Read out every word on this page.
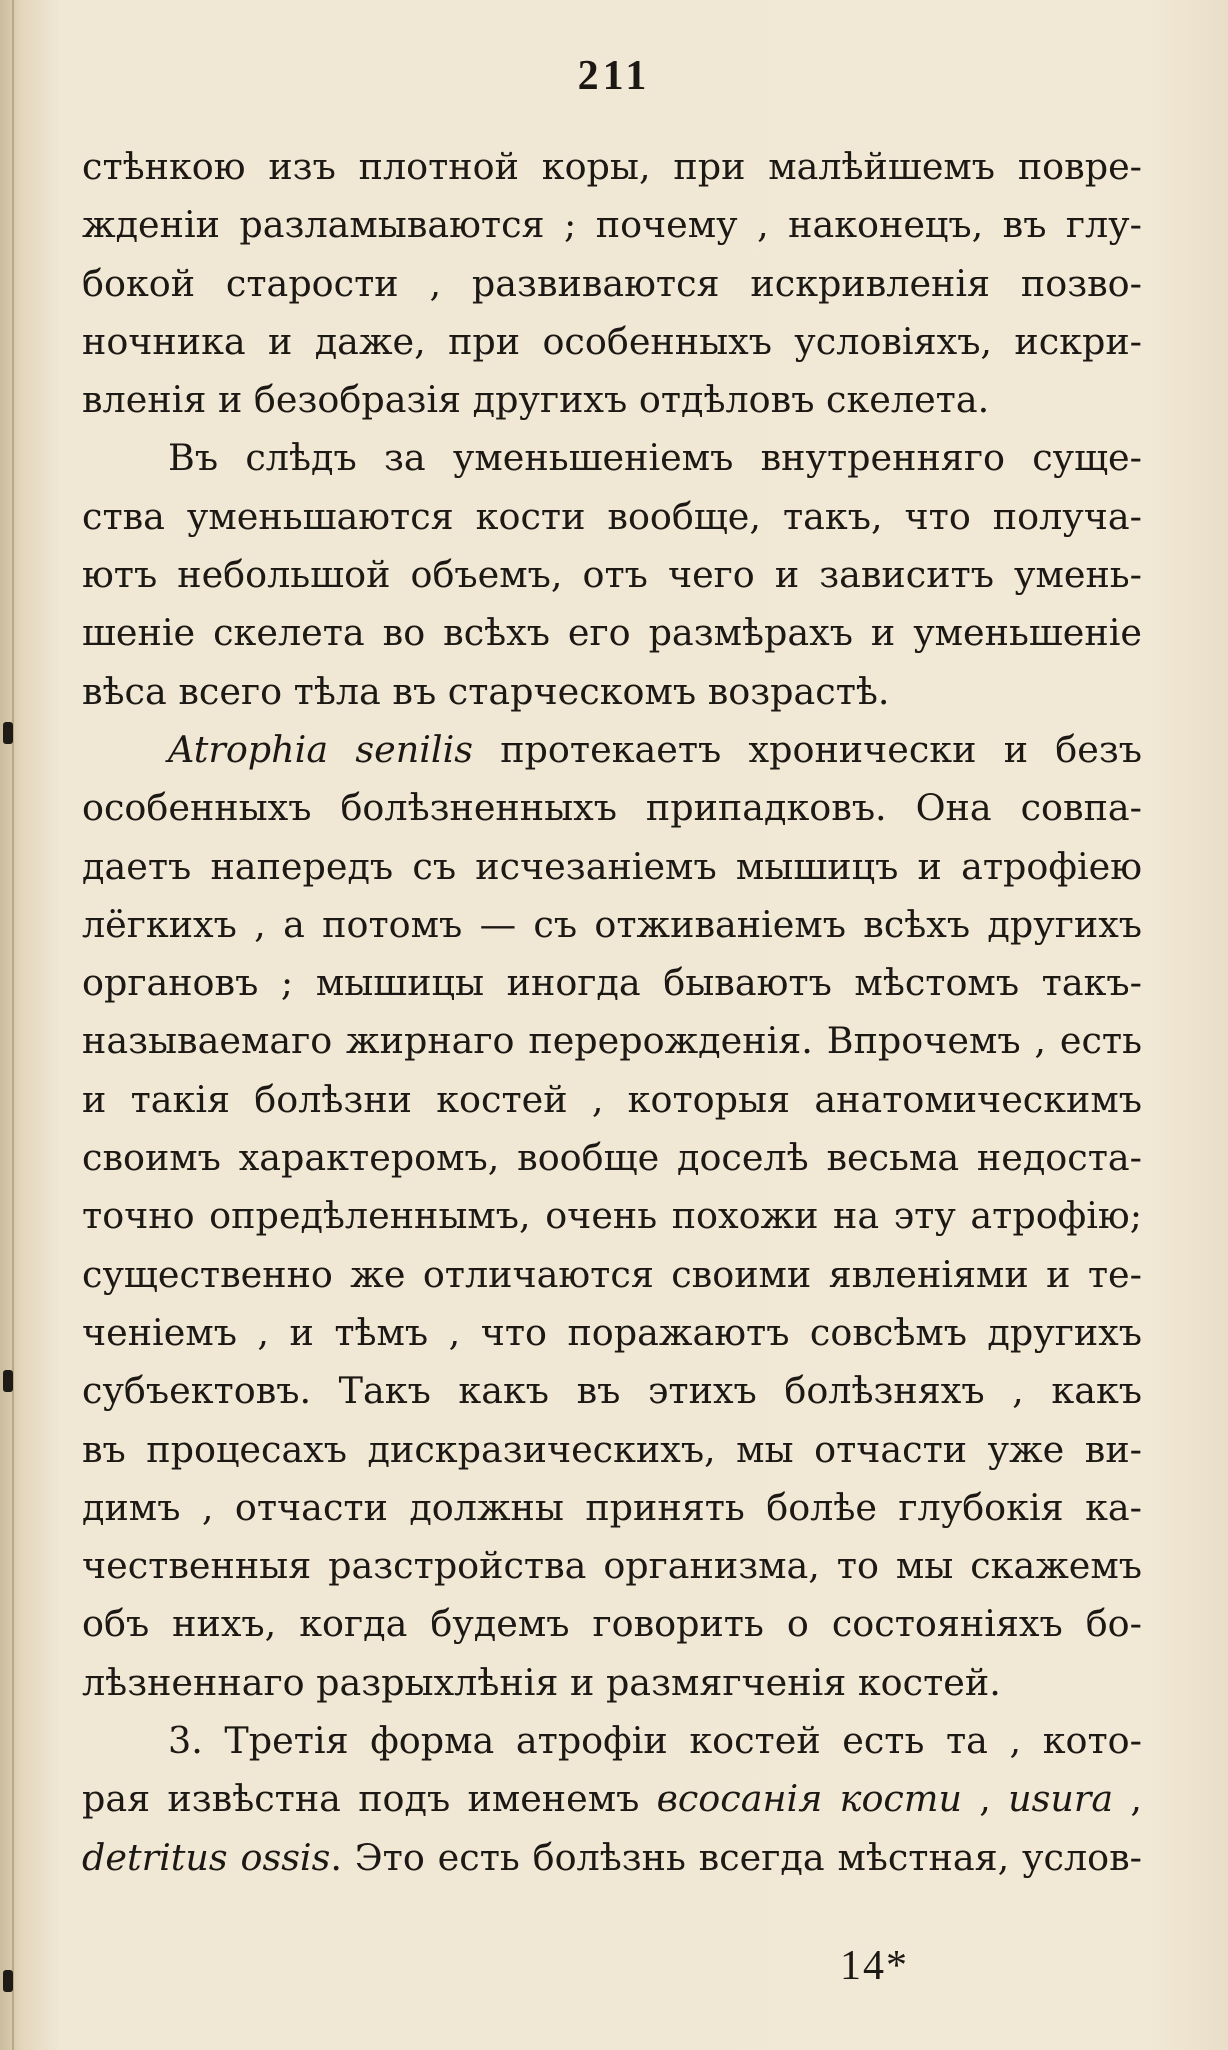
211
стѣнкою изъ плотной коры, при малѣйшемъ повре-
жденіи разламываются ; почему , наконецъ, въ глу-
бокой старости , развиваются искривленія позво-
ночника и даже, при особенныхъ условіяхъ, искри-
вленія и безобразія другихъ отдѣловъ скелета.
Въ слѣдъ за уменьшеніемъ внутренняго суще-
ства уменьшаются кости вообще, такъ, что получа-
ютъ небольшой объемъ, отъ чего и зависитъ умень-
шеніе скелета во всѣхъ его размѣрахъ и уменьшеніе
вѣса всего тѣла въ старческомъ возрастѣ.
Atrophia senilis протекаетъ хронически и безъ
особенныхъ болѣзненныхъ припадковъ. Она совпа-
даетъ напередъ съ исчезаніемъ мышицъ и атрофіею
лёгкихъ , а потомъ — съ отживаніемъ всѣхъ другихъ
органовъ ; мышицы иногда бываютъ мѣстомъ такъ-
называемаго жирнаго перерожденія. Впрочемъ , есть
и такія болѣзни костей , которыя анатомическимъ
своимъ характеромъ, вообще доселѣ весьма недоста-
точно опредѣленнымъ, очень похожи на эту атрофію;
существенно же отличаются своими явленіями и те-
ченіемъ , и тѣмъ , что поражаютъ совсѣмъ другихъ
субъектовъ. Такъ какъ въ этихъ болѣзняхъ , какъ
въ процесахъ дискразическихъ, мы отчасти уже ви-
димъ , отчасти должны принять болѣе глубокія ка-
чественныя разстройства организма, то мы скажемъ
объ нихъ, когда будемъ говорить о состояніяхъ бо-
лѣзненнаго разрыхлѣнія и размягченія костей.
3. Третія форма атрофіи костей есть та , кото-
рая извѣстна подъ именемъ всосанія кости , usura ,
detritus ossis. Это есть болѣзнь всегда мѣстная, услов-
14*
